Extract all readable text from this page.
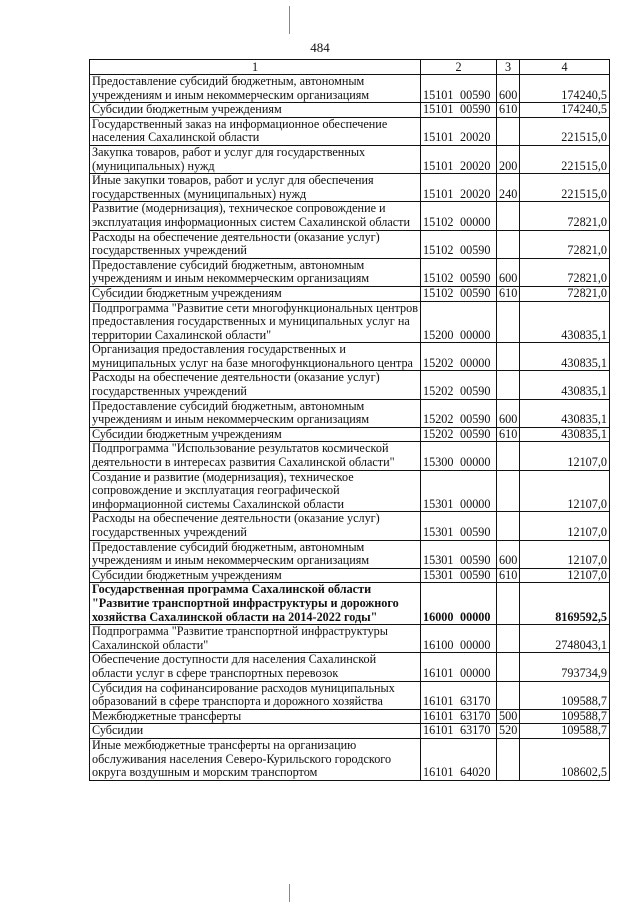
484
1	2	3	4
Предоставление субсидий бюджетным, автономным учреждениям и иным некоммерческим организациям	15101 00590	600	174240,5
Субсидии бюджетным учреждениям	15101 00590	610	174240,5
Государственный заказ на информационное обеспечение населения Сахалинской области	15101 20020		221515,0
Закупка товаров, работ и услуг для государственных (муниципальных) нужд	15101 20020	200	221515,0
Иные закупки товаров, работ и услуг для обеспечения государственных (муниципальных) нужд	15101 20020	240	221515,0
Развитие (модернизация), техническое сопровождение и эксплуатация информационных систем Сахалинской области	15102 00000		72821,0
Расходы на обеспечение деятельности (оказание услуг) государственных учреждений	15102 00590		72821,0
Предоставление субсидий бюджетным, автономным учреждениям и иным некоммерческим организациям	15102 00590	600	72821,0
Субсидии бюджетным учреждениям	15102 00590	610	72821,0
Подпрограмма "Развитие сети многофункциональных центров предоставления государственных и муниципальных услуг на территории Сахалинской области"	15200 00000		430835,1
Организация предоставления государственных и муниципальных услуг на базе многофункционального центра	15202 00000		430835,1
Расходы на обеспечение деятельности (оказание услуг) государственных учреждений	15202 00590		430835,1
Предоставление субсидий бюджетным, автономным учреждениям и иным некоммерческим организациям	15202 00590	600	430835,1
Субсидии бюджетным учреждениям	15202 00590	610	430835,1
Подпрограмма "Использование результатов космической деятельности в интересах развития Сахалинской области"	15300 00000		12107,0
Создание и развитие (модернизация), техническое сопровождение и эксплуатация географической информационной системы Сахалинской области	15301 00000		12107,0
Расходы на обеспечение деятельности (оказание услуг) государственных учреждений	15301 00590		12107,0
Предоставление субсидий бюджетным, автономным учреждениям и иным некоммерческим организациям	15301 00590	600	12107,0
Субсидии бюджетным учреждениям	15301 00590	610	12107,0
Государственная программа Сахалинской области "Развитие транспортной инфраструктуры и дорожного хозяйства Сахалинской области на 2014-2022 годы"	16000 00000		8169592,5
Подпрограмма "Развитие транспортной инфраструктуры Сахалинской области"	16100 00000		2748043,1
Обеспечение доступности для населения Сахалинской области услуг в сфере транспортных перевозок	16101 00000		793734,9
Субсидия на софинансирование расходов муниципальных образований в сфере транспорта и дорожного хозяйства	16101 63170		109588,7
Межбюджетные трансферты	16101 63170	500	109588,7
Субсидии	16101 63170	520	109588,7
Иные межбюджетные трансферты на организацию обслуживания населения Северо-Курильского городского округа воздушным и морским транспортом	16101 64020		108602,5
